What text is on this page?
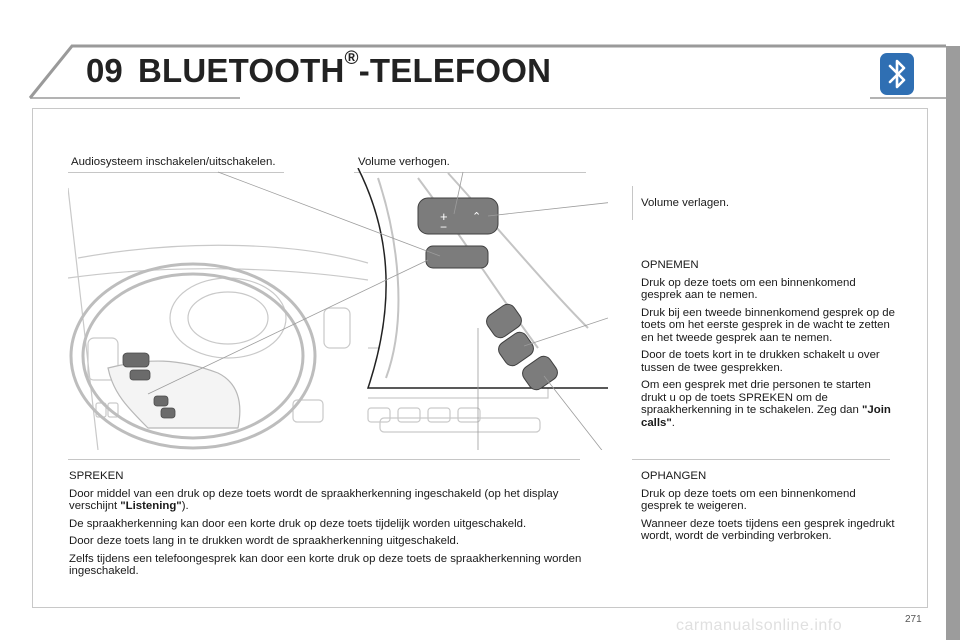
09 BLUETOOTH®-TELEFOON
Audiosysteem inschakelen/uitschakelen.	Volume verhogen.
Volume verlagen.
+
−
⌃
OPNEMEN
Druk op deze toets om een binnenkomend gesprek aan te nemen.
Druk bij een tweede binnenkomend gesprek op de toets om het eerste gesprek in de wacht te zetten en het tweede gesprek aan te nemen.
Door de toets kort in te drukken schakelt u over tussen de twee gesprekken.
Om een gesprek met drie personen te starten drukt u op de toets SPREKEN om de spraakherkenning in te schakelen. Zeg dan "Join calls".
SPREKEN
Door middel van een druk op deze toets wordt de spraakherkenning ingeschakeld (op het display verschijnt "Listening").
De spraakherkenning kan door een korte druk op deze toets tijdelijk worden uitgeschakeld.
Door deze toets lang in te drukken wordt de spraakherkenning uitgeschakeld.
Zelfs tijdens een telefoongesprek kan door een korte druk op deze toets de spraakherkenning worden ingeschakeld.
OPHANGEN
Druk op deze toets om een binnenkomend gesprek te weigeren.
Wanneer deze toets tijdens een gesprek ingedrukt wordt, wordt de verbinding verbroken.
carmanualsonline.info	271
